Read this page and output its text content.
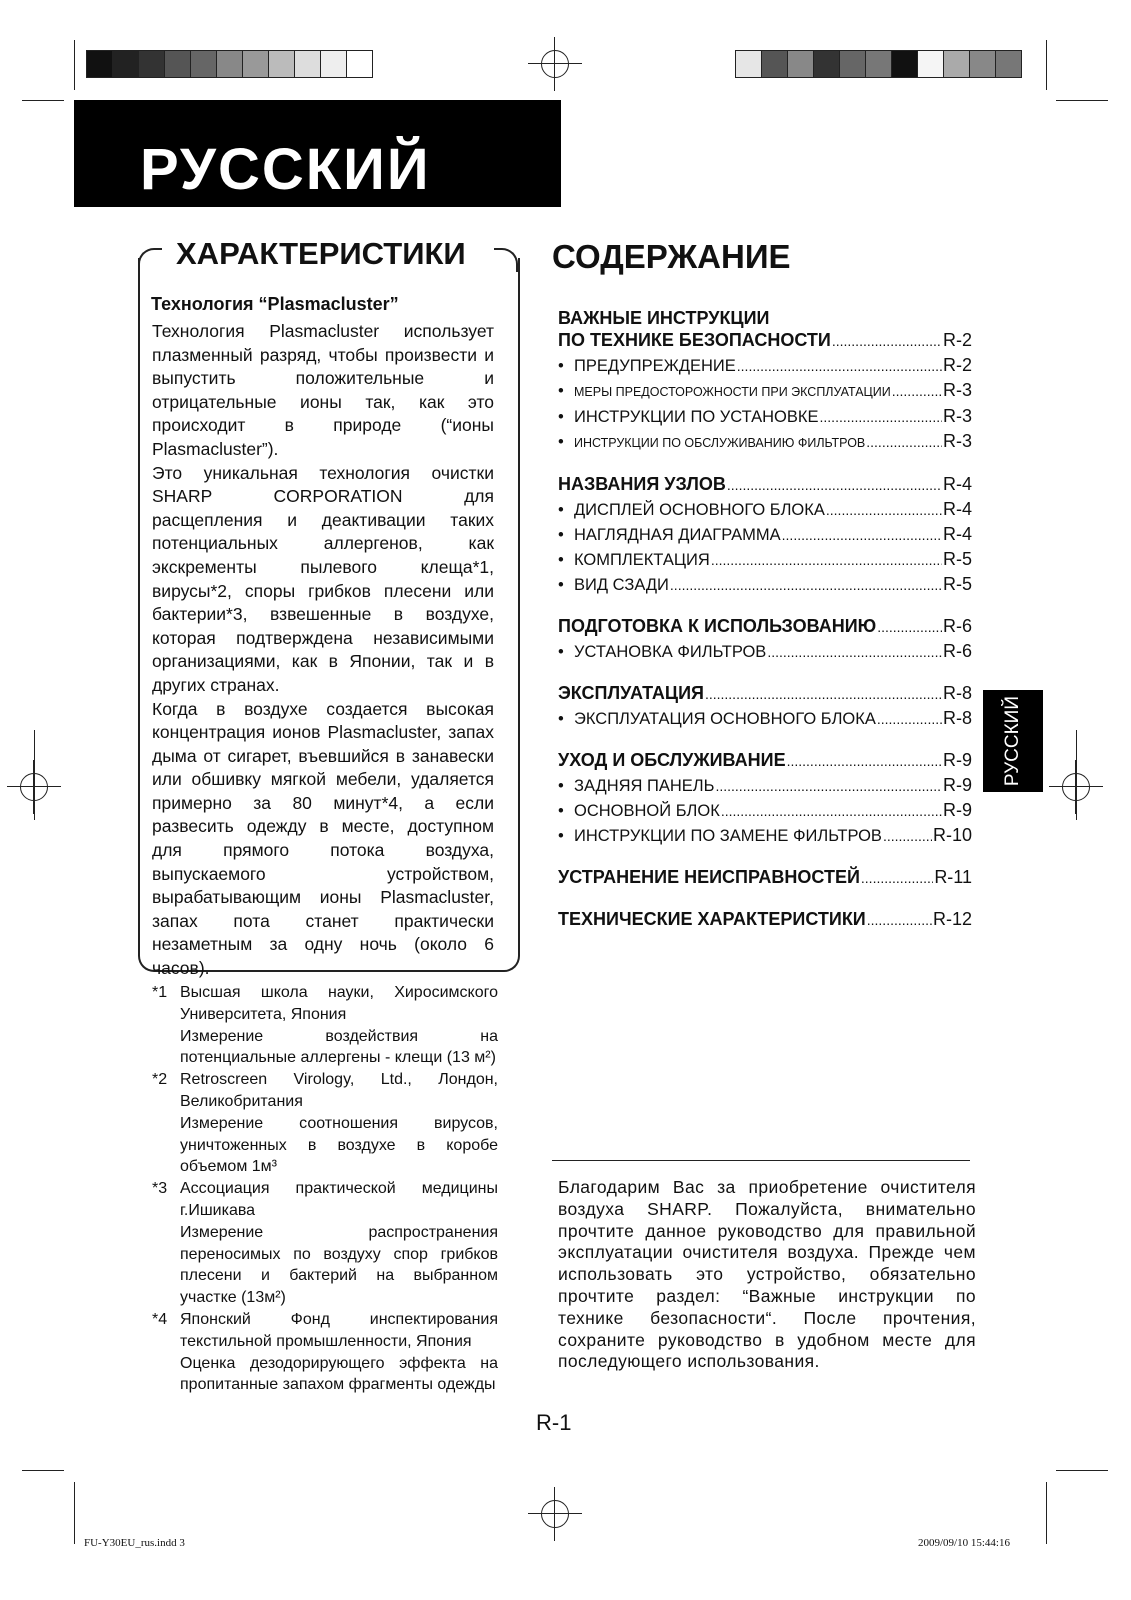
РУССКИЙ
ХАРАКТЕРИСТИКИ
Технология “Plasmacluster”
Технология Plasmacluster использует плазменный разряд, чтобы произвести и выпустить положительные и отрицательные ионы так, как это происходит в природе (“ионы Plasmacluster”).
Это уникальная технология очистки SHARP CORPORATION для расщепления и деактивации таких потенциальных аллергенов, как экскременты пылевого клеща*1, вирусы*2, споры грибков плесени или бактерии*3, взвешенные в воздухе, которая подтверждена независимыми организациями, как в Японии, так и в других странах.
Когда в воздухе создается высокая концентрация ионов Plasmacluster, запах дыма от сигарет, въевшийся в занавески или обшивку мягкой мебели, удаляется примерно за 80 минут*4, а если развесить одежду в месте, доступном для прямого потока воздуха, выпускаемого устройством, вырабатывающим ионы Plasmacluster, запах пота станет практически незаметным за одну ночь (около 6 часов).
*1 Высшая школа науки, Хиросимского Университета, Япония
Измерение воздействия на потенциальные аллергены - клещи (13 м²)
*2 Retroscreen Virology, Ltd., Лондон, Великобритания
Измерение соотношения вирусов, уничтоженных в воздухе в коробе объемом 1м³
*3 Ассоциация практической медицины г.Ишикава
Измерение распространения переносимых по воздуху спор грибков плесени и бактерий на выбранном участке (13м²)
*4 Японский Фонд инспектирования текстильной промышленности, Япония
Оценка дезодорирующего эффекта на пропитанные запахом фрагменты одежды
СОДЕРЖАНИЕ
ВАЖНЫЕ ИНСТРУКЦИИ
ПО ТЕХНИКЕ БЕЗОПАСНОСТИ .....	R-2
• ПРЕДУПРЕЖДЕНИЕ .....	R-2
• МЕРЫ ПРЕДОСТОРОЖНОСТИ ПРИ ЭКСПЛУАТАЦИИ .....	R-3
• ИНСТРУКЦИИ ПО УСТАНОВКЕ .....	R-3
• ИНСТРУКЦИИ ПО ОБСЛУЖИВАНИЮ ФИЛЬТРОВ .....	R-3
НАЗВАНИЯ УЗЛОВ .....	R-4
• ДИСПЛЕЙ ОСНОВНОГО БЛОКА .....	R-4
• НАГЛЯДНАЯ ДИАГРАММА .....	R-4
• КОМПЛЕКТАЦИЯ .....	R-5
• ВИД СЗАДИ .....	R-5
ПОДГОТОВКА К ИСПОЛЬЗОВАНИЮ .....	R-6
• УСТАНОВКА ФИЛЬТРОВ .....	R-6
ЭКСПЛУАТАЦИЯ .....	R-8
• ЭКСПЛУАТАЦИЯ ОСНОВНОГО БЛОКА .....	R-8
УХОД И ОБСЛУЖИВАНИЕ .....	R-9
• ЗАДНЯЯ ПАНЕЛЬ .....	R-9
• ОСНОВНОЙ БЛОК .....	R-9
• ИНСТРУКЦИИ ПО ЗАМЕНЕ ФИЛЬТРОВ .....	R-10
УСТРАНЕНИЕ НЕИСПРАВНОСТЕЙ .....	R-11
ТЕХНИЧЕСКИЕ ХАРАКТЕРИСТИКИ .....	R-12
РУССКИЙ
Благодарим Вас за приобретение очистителя воздуха SHARP. Пожалуйста, внимательно прочтите данное руководство для правильной эксплуатации очистителя воздуха. Прежде чем использовать это устройство, обязательно прочтите раздел: “Важные инструкции по технике безопасности“. После прочтения, сохраните руководство в удобном месте для последующего использования.
R-1
FU-Y30EU_rus.indd 3	2009/09/10 15:44:16
